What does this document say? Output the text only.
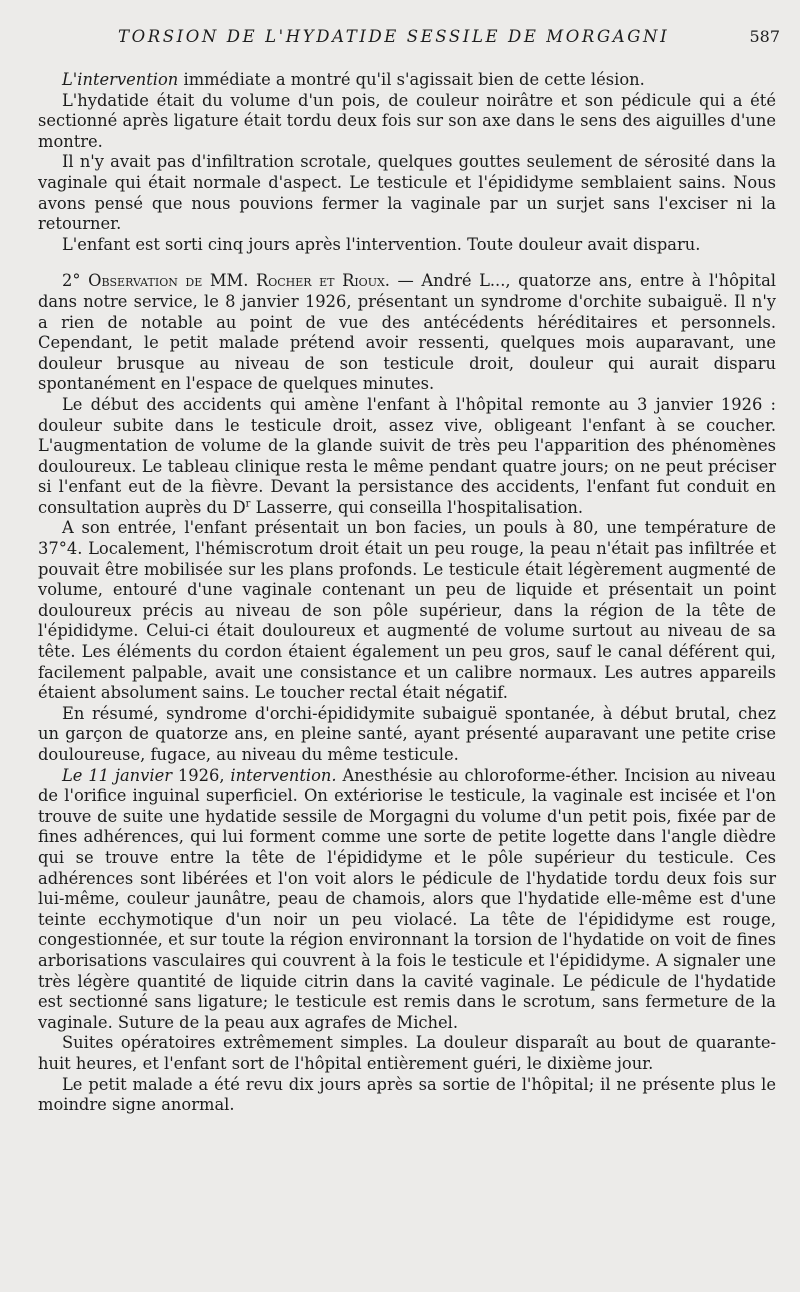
TORSION DE L'HYDATIDE SESSILE DE MORGAGNI	587

L'intervention immédiate a montré qu'il s'agissait bien de cette lésion.

L'hydatide était du volume d'un pois, de couleur noirâtre et son pédicule qui a été sectionné après ligature était tordu deux fois sur son axe dans le sens des aiguilles d'une montre.

Il n'y avait pas d'infiltration scrotale, quelques gouttes seulement de sérosité dans la vaginale qui était normale d'aspect. Le testicule et l'épididyme semblaient sains. Nous avons pensé que nous pouvions fermer la vaginale par un surjet sans l'exciser ni la retourner.

L'enfant est sorti cinq jours après l'intervention. Toute douleur avait disparu.

2° Observation de MM. Rocher et Rioux. — André L..., quatorze ans, entre à l'hôpital dans notre service, le 8 janvier 1926, présentant un syndrome d'orchite subaiguë. Il n'y a rien de notable au point de vue des antécédents héréditaires et personnels. Cependant, le petit malade prétend avoir ressenti, quelques mois auparavant, une douleur brusque au niveau de son testicule droit, douleur qui aurait disparu spontanément en l'espace de quelques minutes.

Le début des accidents qui amène l'enfant à l'hôpital remonte au 3 janvier 1926 : douleur subite dans le testicule droit, assez vive, obligeant l'enfant à se coucher. L'augmentation de volume de la glande suivit de très peu l'apparition des phénomènes douloureux. Le tableau clinique resta le même pendant quatre jours; on ne peut préciser si l'enfant eut de la fièvre. Devant la persistance des accidents, l'enfant fut conduit en consultation auprès du $D^r$ Lasserre, qui conseilla l'hospitalisation.

A son entrée, l'enfant présentait un bon facies, un pouls à 80, une température de 37°4. Localement, l'hémiscrotum droit était un peu rouge, la peau n'était pas infiltrée et pouvait être mobilisée sur les plans profonds. Le testicule était légèrement augmenté de volume, entouré d'une vaginale contenant un peu de liquide et présentait un point douloureux précis au niveau de son pôle supérieur, dans la région de la tête de l'épididyme. Celui-ci était douloureux et augmenté de volume surtout au niveau de sa tête. Les éléments du cordon étaient également un peu gros, sauf le canal déférent qui, facilement palpable, avait une consistance et un calibre normaux. Les autres appareils étaient absolument sains. Le toucher rectal était négatif.

En résumé, syndrome d'orchi-épididymite subaiguë spontanée, à début brutal, chez un garçon de quatorze ans, en pleine santé, ayant présenté auparavant une petite crise douloureuse, fugace, au niveau du même testicule.

Le 11 janvier 1926, intervention. Anesthésie au chloroforme-éther. Incision au niveau de l'orifice inguinal superficiel. On extériorise le testicule, la vaginale est incisée et l'on trouve de suite une hydatide sessile de Morgagni du volume d'un petit pois, fixée par de fines adhérences, qui lui forment comme une sorte de petite logette dans l'angle dièdre qui se trouve entre la tête de l'épididyme et le pôle supérieur du testicule. Ces adhérences sont libérées et l'on voit alors le pédicule de l'hydatide tordu deux fois sur lui-même, couleur jaunâtre, peau de chamois, alors que l'hydatide elle-même est d'une teinte ecchymotique d'un noir un peu violacé. La tête de l'épididyme est rouge, congestionnée, et sur toute la région environnant la torsion de l'hydatide on voit de fines arborisations vasculaires qui couvrent à la fois le testicule et l'épididyme. A signaler une très légère quantité de liquide citrin dans la cavité vaginale. Le pédicule de l'hydatide est sectionné sans ligature; le testicule est remis dans le scrotum, sans fermeture de la vaginale. Suture de la peau aux agrafes de Michel.

Suites opératoires extrêmement simples. La douleur disparaît au bout de quarante-huit heures, et l'enfant sort de l'hôpital entièrement guéri, le dixième jour.

Le petit malade a été revu dix jours après sa sortie de l'hôpital; il ne présente plus le moindre signe anormal.
